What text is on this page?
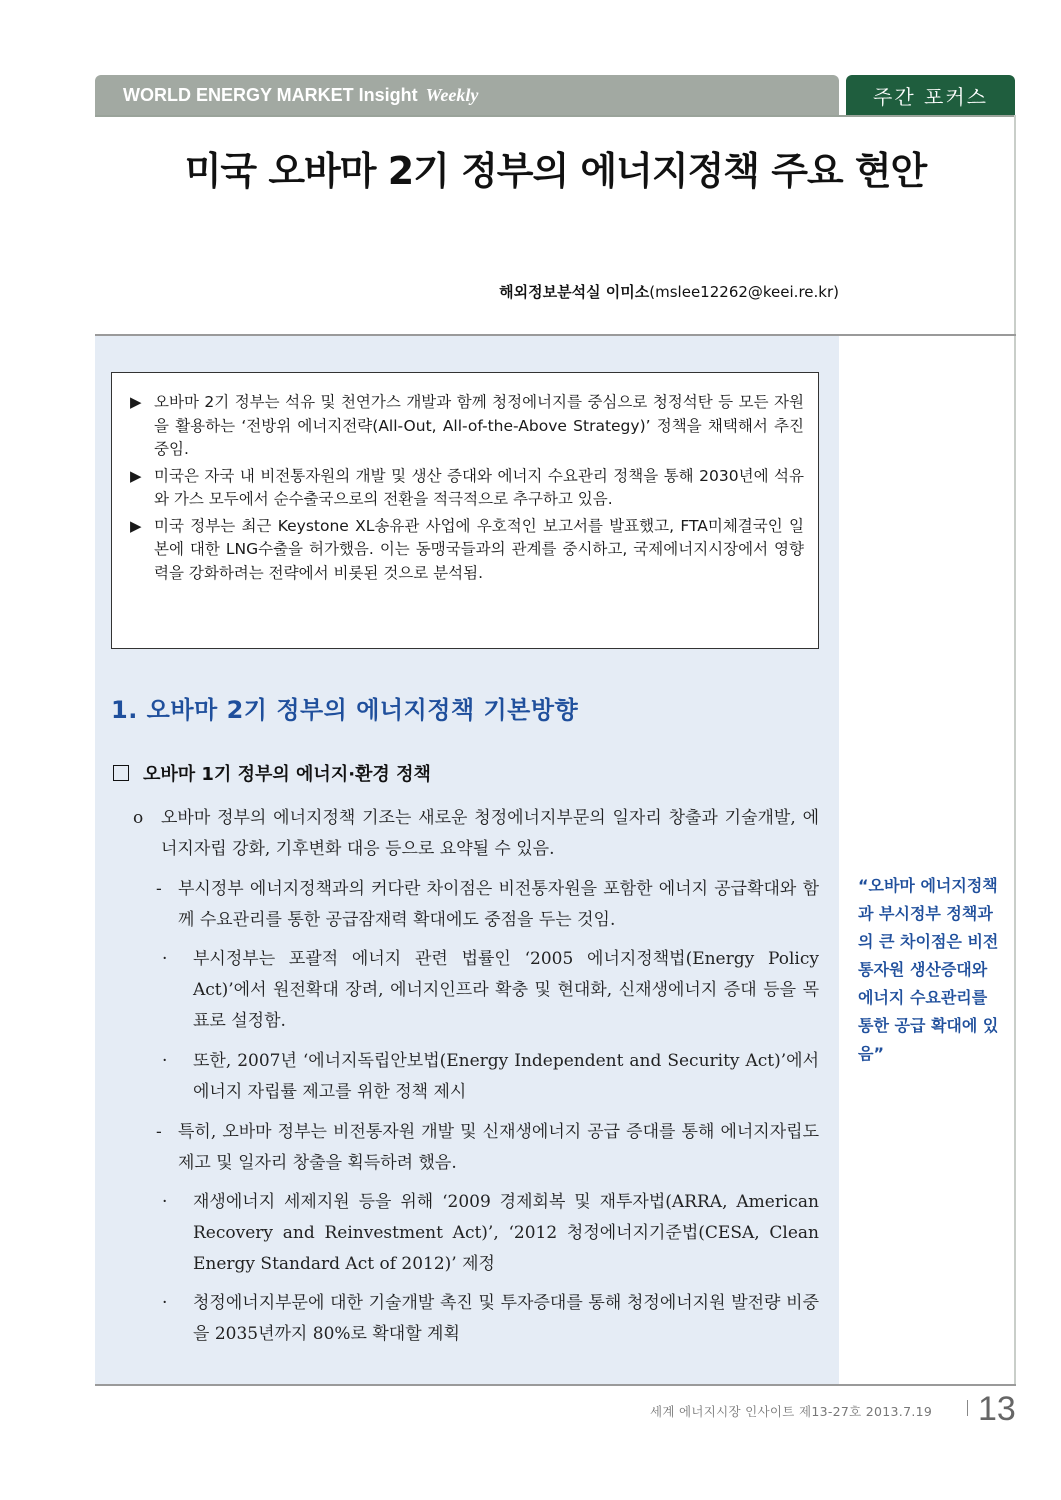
WORLD ENERGY MARKET Insight Weekly	주간 포커스
미국 오바마 2기 정부의 에너지정책 주요 현안
해외정보분석실 이미소(mslee12262@keei.re.kr)
▶ 오바마 2기 정부는 석유 및 천연가스 개발과 함께 청정에너지를 중심으로 청정석탄 등 모든 자원을 활용하는 ‘전방위 에너지전략(All-Out, All-of-the-Above Strategy)’ 정책을 채택해서 추진 중임.
▶ 미국은 자국 내 비전통자원의 개발 및 생산 증대와 에너지 수요관리 정책을 통해 2030년에 석유와 가스 모두에서 순수출국으로의 전환을 적극적으로 추구하고 있음.
▶ 미국 정부는 최근 Keystone XL송유관 사업에 우호적인 보고서를 발표했고, FTA미체결국인 일본에 대한 LNG수출을 허가했음. 이는 동맹국들과의 관계를 중시하고, 국제에너지시장에서 영향력을 강화하려는 전략에서 비롯된 것으로 분석됨.
1. 오바마 2기 정부의 에너지정책 기본방향
오바마 1기 정부의 에너지·환경 정책
o	오바마 정부의 에너지정책 기조는 새로운 청정에너지부문의 일자리 창출과 기술개발, 에너지자립 강화, 기후변화 대응 등으로 요약될 수 있음.
- 부시정부 에너지정책과의 커다란 차이점은 비전통자원을 포함한 에너지 공급확대와 함께 수요관리를 통한 공급잠재력 확대에도 중점을 두는 것임.
·	부시정부는 포괄적 에너지 관련 법률인 ‘2005 에너지정책법(Energy Policy Act)’에서 원전확대 장려, 에너지인프라 확충 및 현대화, 신재생에너지 증대 등을 목표로 설정함.
·	또한, 2007년 ‘에너지독립안보법(Energy Independent and Security Act)’에서 에너지 자립률 제고를 위한 정책 제시
- 특히, 오바마 정부는 비전통자원 개발 및 신재생에너지 공급 증대를 통해 에너지자립도 제고 및 일자리 창출을 획득하려 했음.
·	재생에너지 세제지원 등을 위해 ‘2009 경제회복 및 재투자법(ARRA, American Recovery and Reinvestment Act)’, ‘2012 청정에너지기준법(CESA, Clean Energy Standard Act of 2012)’ 제정
·	청정에너지부문에 대한 기술개발 촉진 및 투자증대를 통해 청정에너지원 발전량 비중을 2035년까지 80%로 확대할 계획
“오바마 에너지정책과 부시정부 정책과의 큰 차이점은 비전통자원 생산증대와 에너지 수요관리를 통한 공급 확대에 있음”
세계 에너지시장 인사이트 제13-27호 2013.7.19 13
